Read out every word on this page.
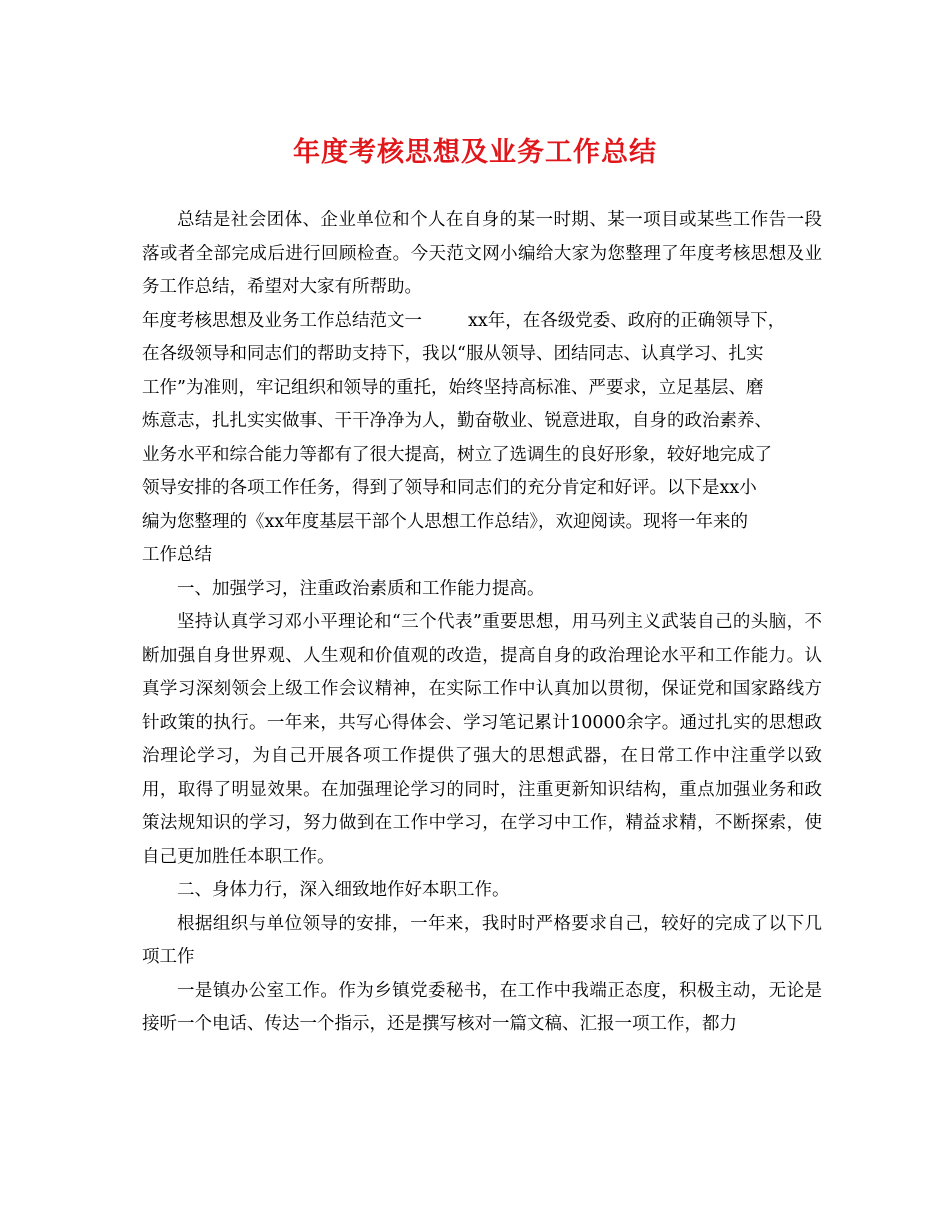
年度考核思想及业务工作总结

总结是社会团体、企业单位和个人在自身的某一时期、某一项目或某些工作告一段落或者全部完成后进行回顾检查。今天范文网小编给大家为您整理了年度考核思想及业务工作总结，希望对大家有所帮助。

年度考核思想及业务工作总结范文一	xx年，在各级党委、政府的正确领导下，
在各级领导和同志们的帮助支持下，我以“服从领导、团结同志、认真学习、扎实
工作”为准则，牢记组织和领导的重托，始终坚持高标准、严要求，立足基层、磨
炼意志，扎扎实实做事、干干净净为人，勤奋敬业、锐意进取，自身的政治素养、
业务水平和综合能力等都有了很大提高，树立了选调生的良好形象，较好地完成了
领导安排的各项工作任务，得到了领导和同志们的充分肯定和好评。以下是xx小
编为您整理的《xx年度基层干部个人思想工作总结》，欢迎阅读。现将一年来的
工作总结

一、加强学习，注重政治素质和工作能力提高。

坚持认真学习邓小平理论和“三个代表”重要思想，用马列主义武装自己的头脑，不断加强自身世界观、人生观和价值观的改造，提高自身的政治理论水平和工作能力。认真学习深刻领会上级工作会议精神，在实际工作中认真加以贯彻，保证党和国家路线方针政策的执行。一年来，共写心得体会、学习笔记累计10000余字。通过扎实的思想政治理论学习，为自己开展各项工作提供了强大的思想武器，在日常工作中注重学以致用，取得了明显效果。在加强理论学习的同时，注重更新知识结构，重点加强业务和政策法规知识的学习，努力做到在工作中学习，在学习中工作，精益求精，不断探索，使自己更加胜任本职工作。

二、身体力行，深入细致地作好本职工作。

根据组织与单位领导的安排，一年来，我时时严格要求自己，较好的完成了以下几项工作

一是镇办公室工作。作为乡镇党委秘书，在工作中我端正态度，积极主动，无论是接听一个电话、传达一个指示，还是撰写核对一篇文稿、汇报一项工作，都力
